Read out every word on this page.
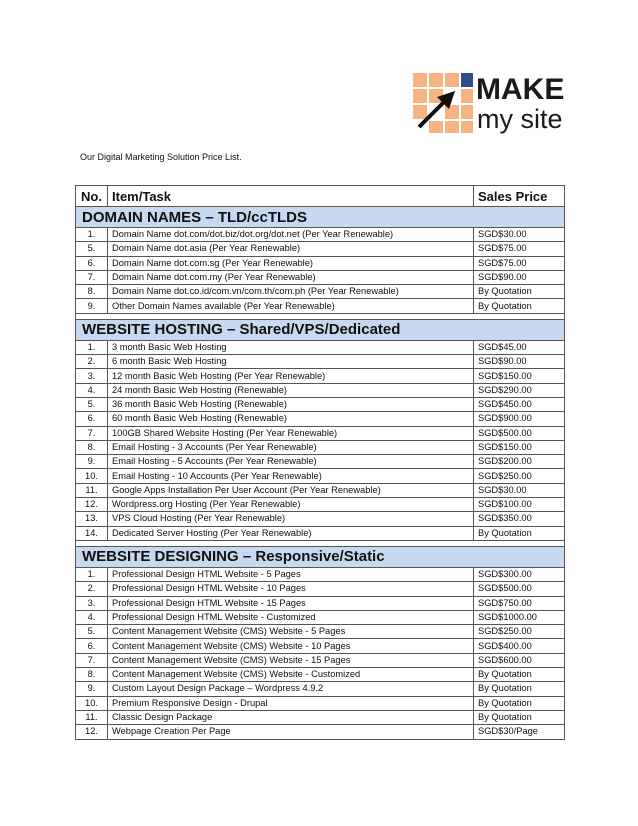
MAKE
my site
Our Digital Marketing Solution Price List.
No.	Item/Task	Sales Price
DOMAIN NAMES – TLD/ccTLDS		
1.	Domain Name dot.com/dot.biz/dot.org/dot.net (Per Year Renewable)	SGD$30.00
5.	Domain Name dot.asia (Per Year Renewable)	SGD$75.00
6.	Domain Name dot.com.sg (Per Year Renewable)	SGD$75.00
7.	Domain Name dot.com.my (Per Year Renewable)	SGD$90.00
8.	Domain Name dot.co.id/com.vn/com.th/com.ph (Per Year Renewable)	By Quotation
9.	Other Domain Names available (Per Year Renewable)	By Quotation

WEBSITE HOSTING – Shared/VPS/Dedicated		
1.	3 month Basic Web Hosting	SGD$45.00
2.	6 month Basic Web Hosting	SGD$90.00
3.	12 month Basic Web Hosting (Per Year Renewable)	SGD$150.00
4.	24 month Basic Web Hosting (Renewable)	SGD$290.00
5.	36 month Basic Web Hosting (Renewable)	SGD$450.00
6.	60 month Basic Web Hosting (Renewable)	SGD$900.00
7.	100GB Shared Website Hosting (Per Year Renewable)	SGD$500.00
8.	Email Hosting - 3 Accounts (Per Year Renewable)	SGD$150.00
9.	Email Hosting - 5 Accounts (Per Year Renewable)	SGD$200.00
10.	Email Hosting - 10 Accounts (Per Year Renewable)	SGD$250.00
11.	Google Apps Installation Per User Account (Per Year Renewable)	SGD$30.00
12.	Wordpress.org Hosting (Per Year Renewable)	SGD$100.00
13.	VPS Cloud Hosting (Per Year Renewable)	SGD$350.00
14.	Dedicated Server Hosting (Per Year Renewable)	By Quotation

WEBSITE DESIGNING – Responsive/Static		
1.	Professional Design HTML Website - 5 Pages	SGD$300.00
2.	Professional Design HTML Website - 10 Pages	SGD$500.00
3.	Professional Design HTML Website - 15 Pages	SGD$750.00
4.	Professional Design HTML Website - Customized	SGD$1000.00
5.	Content Management Website (CMS) Website - 5 Pages	SGD$250.00
6.	Content Management Website (CMS) Website - 10 Pages	SGD$400.00
7.	Content Management Website (CMS) Website - 15 Pages	SGD$600.00
8.	Content Management Website (CMS) Website - Customized	By Quotation
9.	Custom Layout Design Package – Wordpress 4.9.2	By Quotation
10.	Premium Responsive Design - Drupal	By Quotation
11.	Classic Design Package	By Quotation
12.	Webpage Creation Per Page	SGD$30/Page
